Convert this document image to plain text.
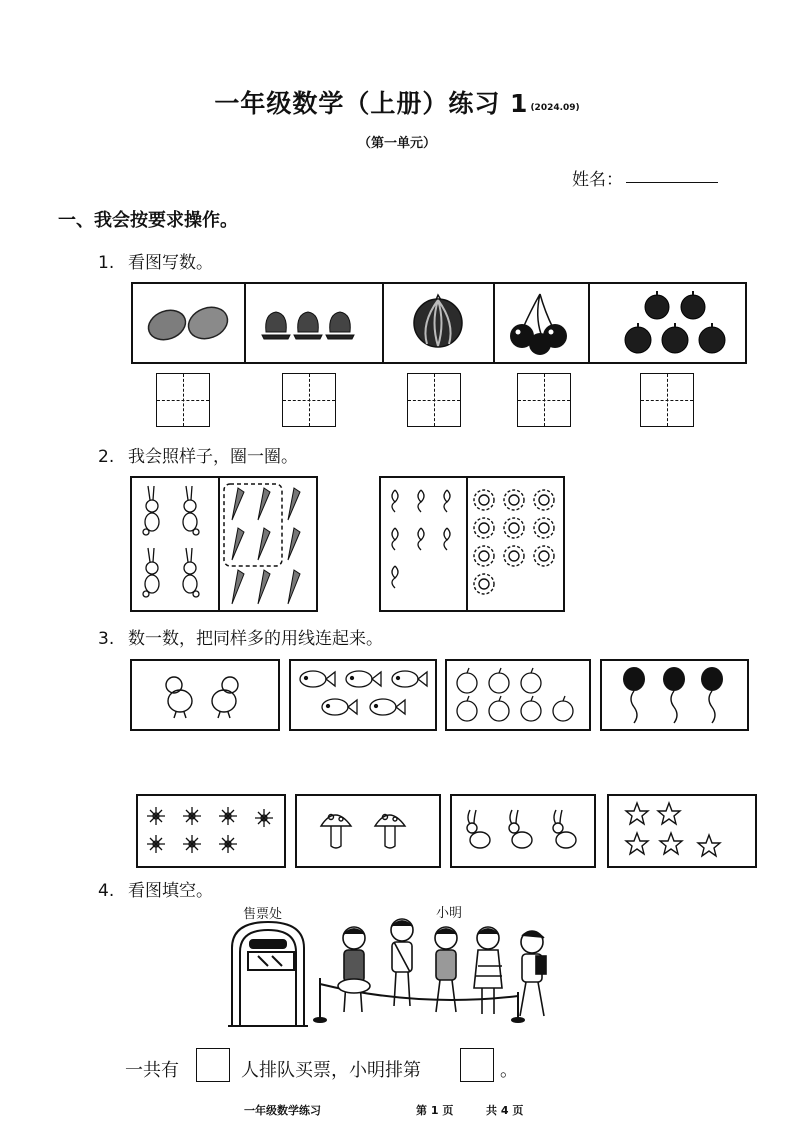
一年级数学（上册）练习 1 (2024.09)
（第一单元）
姓名：
一、我会按要求操作。
1. 看图写数。
2. 我会照样子，圈一圈。
3. 数一数，把同样多的用线连起来。
4. 看图填空。
售票处	小明
一共有	人排队买票，小明排第	。
一年级数学练习	第 1 页	共 4 页
